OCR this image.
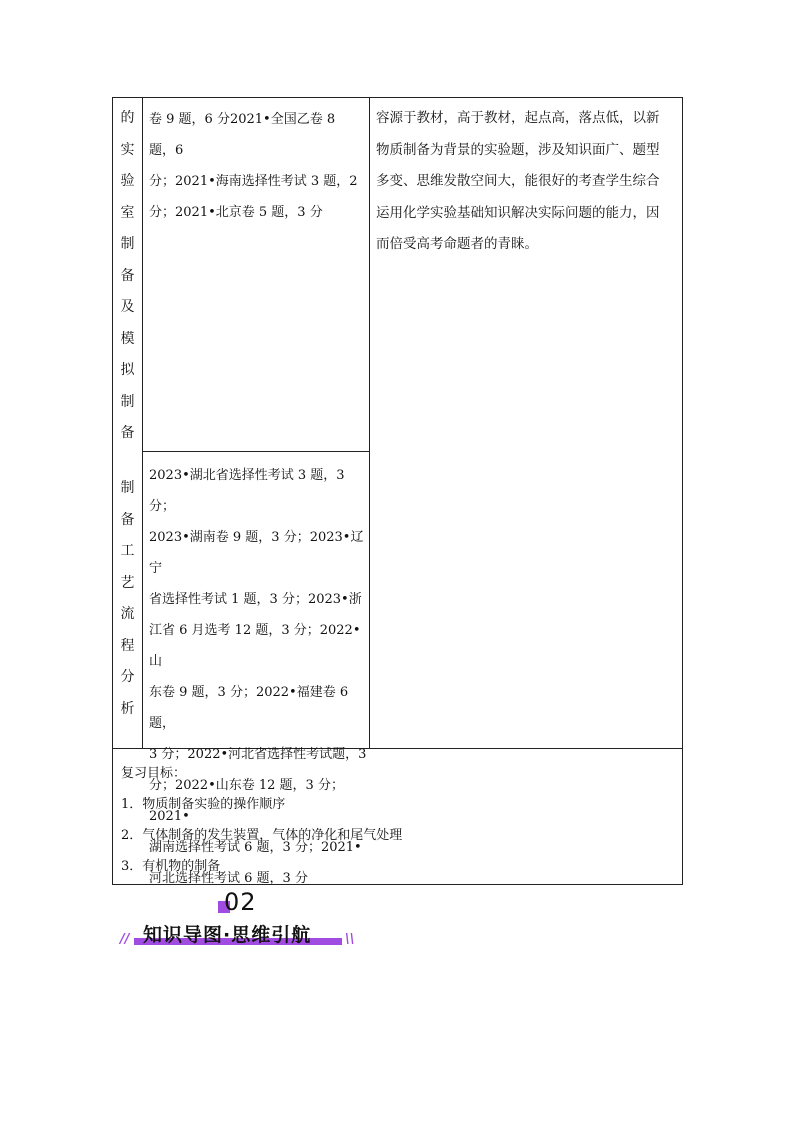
的
实
验
室
制
备
及
模
拟
制
备
卷 9 题，6 分2021•全国乙卷 8 题，6
分；2021•海南选择性考试 3 题，2
分；2021•北京卷 5 题，3 分
制
备
工
艺
流
程
分
析
2023•湖北省选择性考试 3 题，3 分；
2023•湖南卷 9 题，3 分；2023•辽宁
省选择性考试 1 题，3 分；2023•浙
江省 6 月选考 12 题，3 分；2022•山
东卷 9 题，3 分；2022•福建卷 6 题，
3 分；2022•河北省选择性考试题，3
分；2022•山东卷 12 题，3 分；2021•
湖南选择性考试 6 题，3 分；2021•
河北选择性考试 6 题，3 分
容源于教材，高于教材，起点高，落点低，以新
物质制备为背景的实验题，涉及知识面广、题型
多变、思维发散空间大，能很好的考查学生综合
运用化学实验基础知识解决实际问题的能力，因
而倍受高考命题者的青睐。
复习目标：
1．物质制备实验的操作顺序
2．气体制备的发生装置，气体的净化和尾气处理
3．有机物的制备
02
// 知识导图·思维引航	\\
